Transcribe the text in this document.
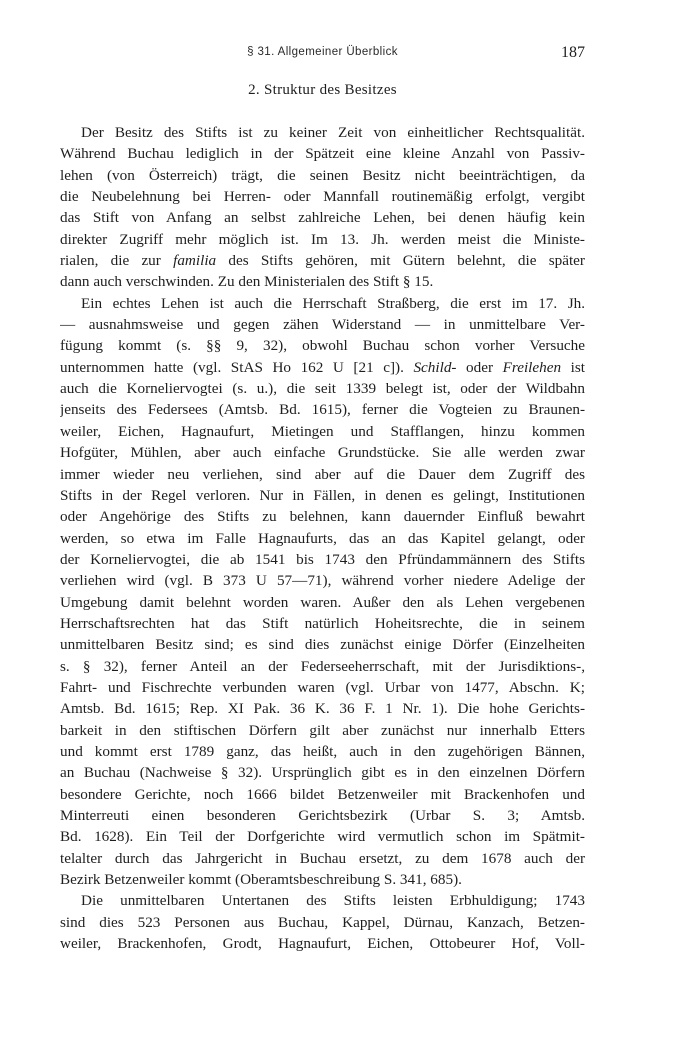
§ 31. Allgemeiner Überblick	187
2. Struktur des Besitzes
Der Besitz des Stifts ist zu keiner Zeit von einheitlicher Rechtsqualität.
Während Buchau lediglich in der Spätzeit eine kleine Anzahl von Passiv-
lehen (von Österreich) trägt, die seinen Besitz nicht beeinträchtigen, da
die Neubelehnung bei Herren- oder Mannfall routinemäßig erfolgt, vergibt
das Stift von Anfang an selbst zahlreiche Lehen, bei denen häufig kein
direkter Zugriff mehr möglich ist. Im 13. Jh. werden meist die Ministe-
rialen, die zur familia des Stifts gehören, mit Gütern belehnt, die später
dann auch verschwinden. Zu den Ministerialen des Stift § 15.
Ein echtes Lehen ist auch die Herrschaft Straßberg, die erst im 17. Jh.
— ausnahmsweise und gegen zähen Widerstand — in unmittelbare Ver-
fügung kommt (s. §§ 9, 32), obwohl Buchau schon vorher Versuche
unternommen hatte (vgl. StAS Ho 162 U [21 c]). Schild- oder Freilehen ist
auch die Korneliervogtei (s. u.), die seit 1339 belegt ist, oder der Wildbahn
jenseits des Federsees (Amtsb. Bd. 1615), ferner die Vogteien zu Braunen-
weiler, Eichen, Hagnaufurt, Mietingen und Stafflangen, hinzu kommen
Hofgüter, Mühlen, aber auch einfache Grundstücke. Sie alle werden zwar
immer wieder neu verliehen, sind aber auf die Dauer dem Zugriff des
Stifts in der Regel verloren. Nur in Fällen, in denen es gelingt, Institutionen
oder Angehörige des Stifts zu belehnen, kann dauernder Einfluß bewahrt
werden, so etwa im Falle Hagnaufurts, das an das Kapitel gelangt, oder
der Korneliervogtei, die ab 1541 bis 1743 den Pfründammännern des Stifts
verliehen wird (vgl. B 373 U 57—71), während vorher niedere Adelige der
Umgebung damit belehnt worden waren. Außer den als Lehen vergebenen
Herrschaftsrechten hat das Stift natürlich Hoheitsrechte, die in seinem
unmittelbaren Besitz sind; es sind dies zunächst einige Dörfer (Einzelheiten
s. § 32), ferner Anteil an der Federseeherrschaft, mit der Jurisdiktions-,
Fahrt- und Fischrechte verbunden waren (vgl. Urbar von 1477, Abschn. K;
Amtsb. Bd. 1615; Rep. XI Pak. 36 K. 36 F. 1 Nr. 1). Die hohe Gerichts-
barkeit in den stiftischen Dörfern gilt aber zunächst nur innerhalb Etters
und kommt erst 1789 ganz, das heißt, auch in den zugehörigen Bännen,
an Buchau (Nachweise § 32). Ursprünglich gibt es in den einzelnen Dörfern
besondere Gerichte, noch 1666 bildet Betzenweiler mit Brackenhofen und
Minterreuti einen besonderen Gerichtsbezirk (Urbar S. 3; Amtsb.
Bd. 1628). Ein Teil der Dorfgerichte wird vermutlich schon im Spätmit-
telalter durch das Jahrgericht in Buchau ersetzt, zu dem 1678 auch der
Bezirk Betzenweiler kommt (Oberamtsbeschreibung S. 341, 685).
Die unmittelbaren Untertanen des Stifts leisten Erbhuldigung; 1743
sind dies 523 Personen aus Buchau, Kappel, Dürnau, Kanzach, Betzen-
weiler, Brackenhofen, Grodt, Hagnaufurt, Eichen, Ottobeurer Hof, Voll-
